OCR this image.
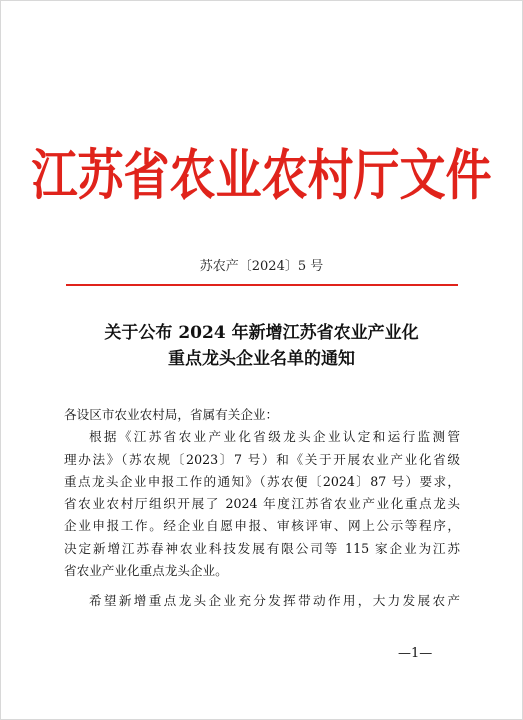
江苏省农业农村厅文件
苏农产〔2024〕5 号
关于公布 2024 年新增江苏省农业产业化
重点龙头企业名单的通知
各设区市农业农村局，省属有关企业：
根据《江苏省农业产业化省级龙头企业认定和运行监测管
理办法》（苏农规〔2023〕7 号）和《关于开展农业产业化省级
重点龙头企业申报工作的通知》（苏农便〔2024〕87 号）要求，
省农业农村厅组织开展了 2024 年度江苏省农业产业化重点龙头
企业申报工作。经企业自愿申报、审核评审、网上公示等程序，
决定新增江苏春神农业科技发展有限公司等 115 家企业为江苏
省农业产业化重点龙头企业。
希望新增重点龙头企业充分发挥带动作用，大力发展农产
—1—
